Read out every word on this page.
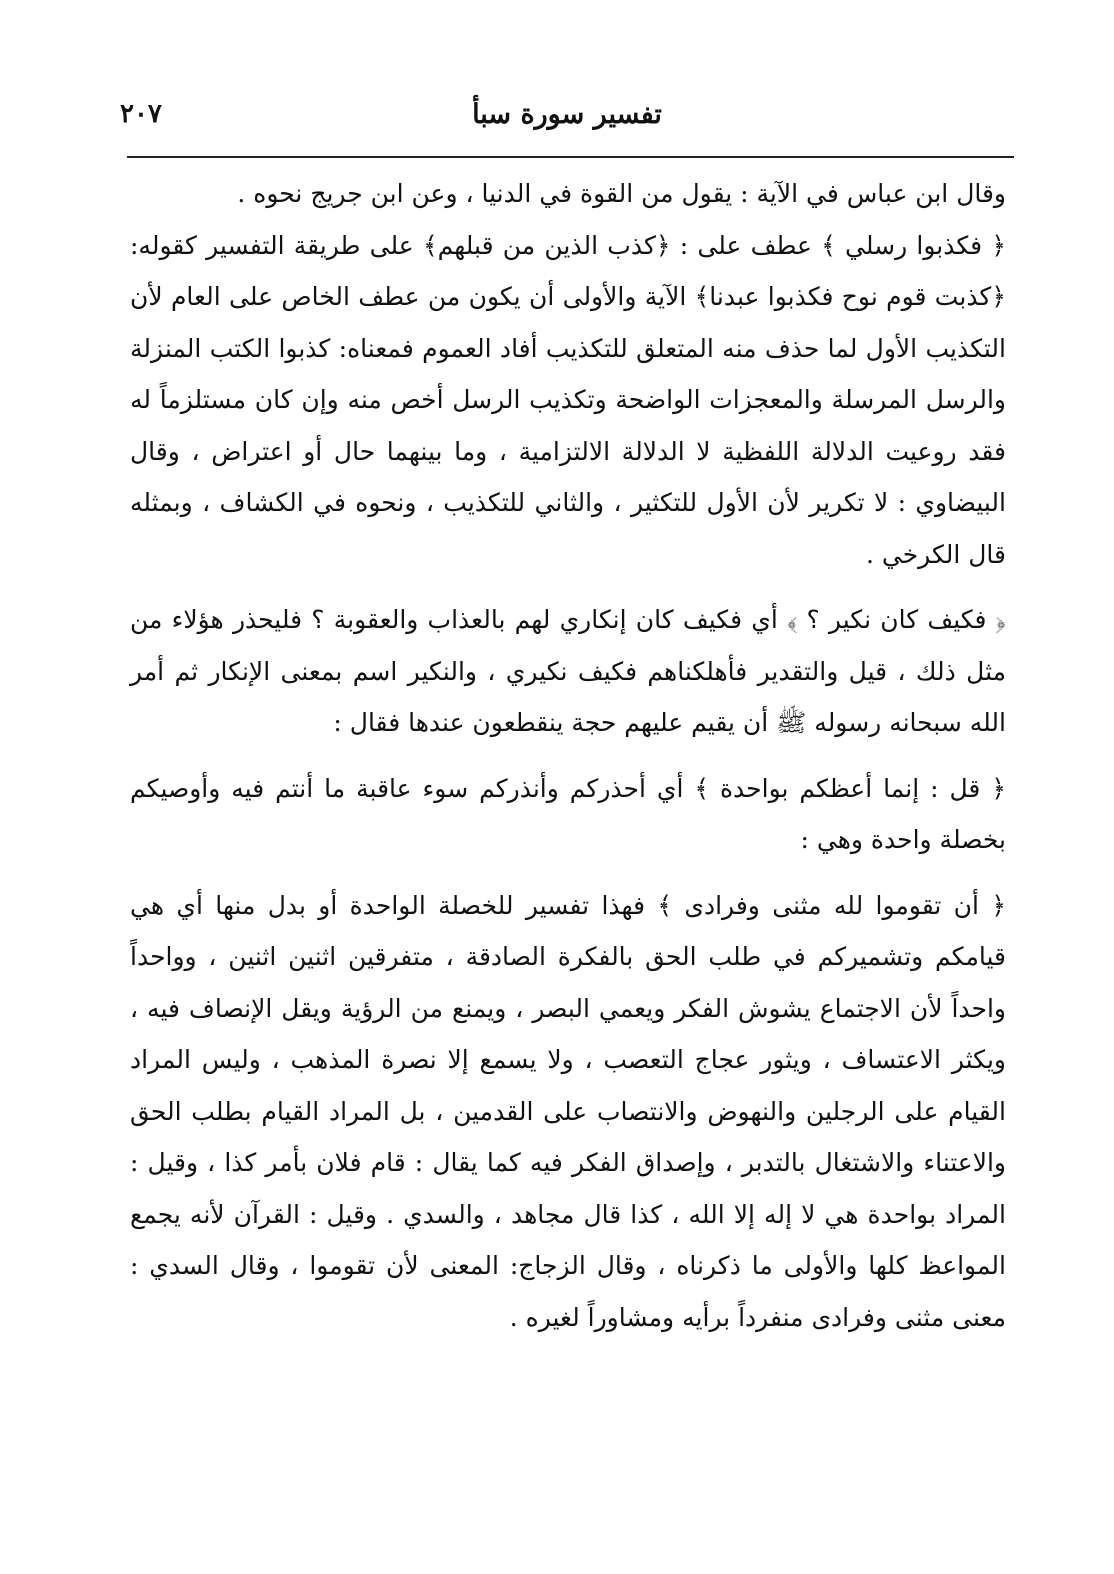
تفسير سورة سبأ
٢٠٧

وقال ابن عباس في الآية : يقول من القوة في الدنيا ، وعن ابن جريج نحوه .

﴿ فكذبوا رسلي ﴾ عطف على : ﴿كذب الذين من قبلهم﴾ على طريقة التفسير كقوله: ﴿كذبت قوم نوح فكذبوا عبدنا﴾ الآية والأولى أن يكون من عطف الخاص على العام لأن التكذيب الأول لما حذف منه المتعلق للتكذيب أفاد العموم فمعناه: كذبوا الكتب المنزلة والرسل المرسلة والمعجزات الواضحة وتكذيب الرسل أخص منه وإن كان مستلزماً له فقد روعيت الدلالة اللفظية لا الدلالة الالتزامية ، وما بينهما حال أو اعتراض ، وقال البيضاوي : لا تكرير لأن الأول للتكثير ، والثاني للتكذيب ، ونحوه في الكشاف ، وبمثله قال الكرخي .

﴿ فكيف كان نكير ؟ ﴾ أي فكيف كان إنكاري لهم بالعذاب والعقوبة ؟ فليحذر هؤلاء من مثل ذلك ، قيل والتقدير فأهلكناهم فكيف نكيري ، والنكير اسم بمعنى الإنكار ثم أمر الله سبحانه رسوله ﷺ أن يقيم عليهم حجة ينقطعون عندها فقال :

﴿ قل : إنما أعظكم بواحدة ﴾ أي أحذركم وأنذركم سوء عاقبة ما أنتم فيه وأوصيكم بخصلة واحدة وهي :

﴿ أن تقوموا لله مثنى وفرادى ﴾ فهذا تفسير للخصلة الواحدة أو بدل منها أي هي قيامكم وتشميركم في طلب الحق بالفكرة الصادقة ، متفرقين اثنين اثنين ، وواحداً واحداً لأن الاجتماع يشوش الفكر ويعمي البصر ، ويمنع من الرؤية ويقل الإنصاف فيه ، ويكثر الاعتساف ، ويثور عجاج التعصب ، ولا يسمع إلا نصرة المذهب ، وليس المراد القيام على الرجلين والنهوض والانتصاب على القدمين ، بل المراد القيام بطلب الحق والاعتناء والاشتغال بالتدبر ، وإصداق الفكر فيه كما يقال : قام فلان بأمر كذا ، وقيل : المراد بواحدة هي لا إله إلا الله ، كذا قال مجاهد ، والسدي . وقيل : القرآن لأنه يجمع المواعظ كلها والأولى ما ذكرناه ، وقال الزجاج: المعنى لأن تقوموا ، وقال السدي : معنى مثنى وفرادى منفرداً برأيه ومشاوراً لغيره .
